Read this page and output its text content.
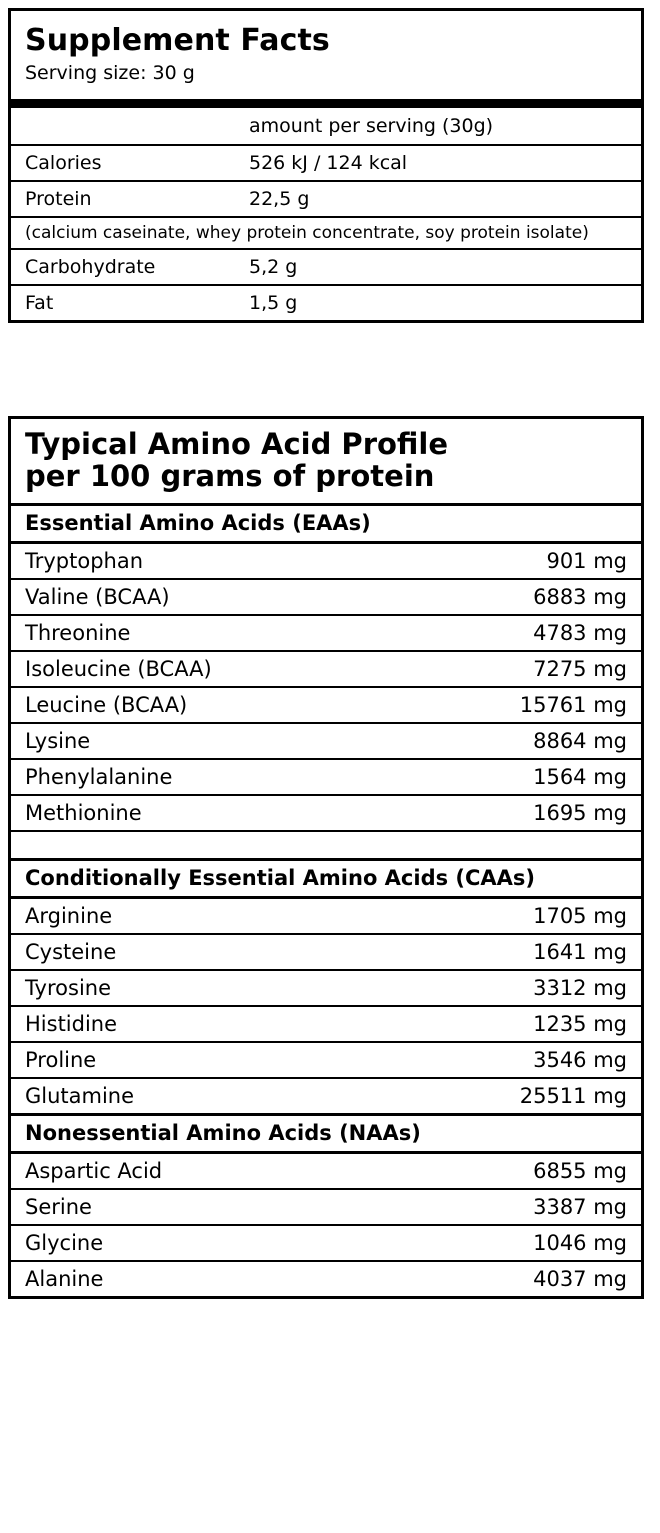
Supplement Facts
Serving size: 30 g
	amount per serving (30g)
Calories	526 kJ / 124 kcal
Protein	22,5 g
(calcium caseinate, whey protein concentrate, soy protein isolate)	
Carbohydrate	5,2 g
Fat	1,5 g
Typical Amino Acid Profile
per 100 grams of protein
Essential Amino Acids (EAAs)
Tryptophan	901 mg
Valine (BCAA)	6883 mg
Threonine	4783 mg
Isoleucine (BCAA)	7275 mg
Leucine (BCAA)	15761 mg
Lysine	8864 mg
Phenylalanine	1564 mg
Methionine	1695 mg

Conditionally Essential Amino Acids (CAAs)
Arginine	1705 mg
Cysteine	1641 mg
Tyrosine	3312 mg
Histidine	1235 mg
Proline	3546 mg
Glutamine	25511 mg
Nonessential Amino Acids (NAAs)
Aspartic Acid	6855 mg
Serine	3387 mg
Glycine	1046 mg
Alanine	4037 mg
